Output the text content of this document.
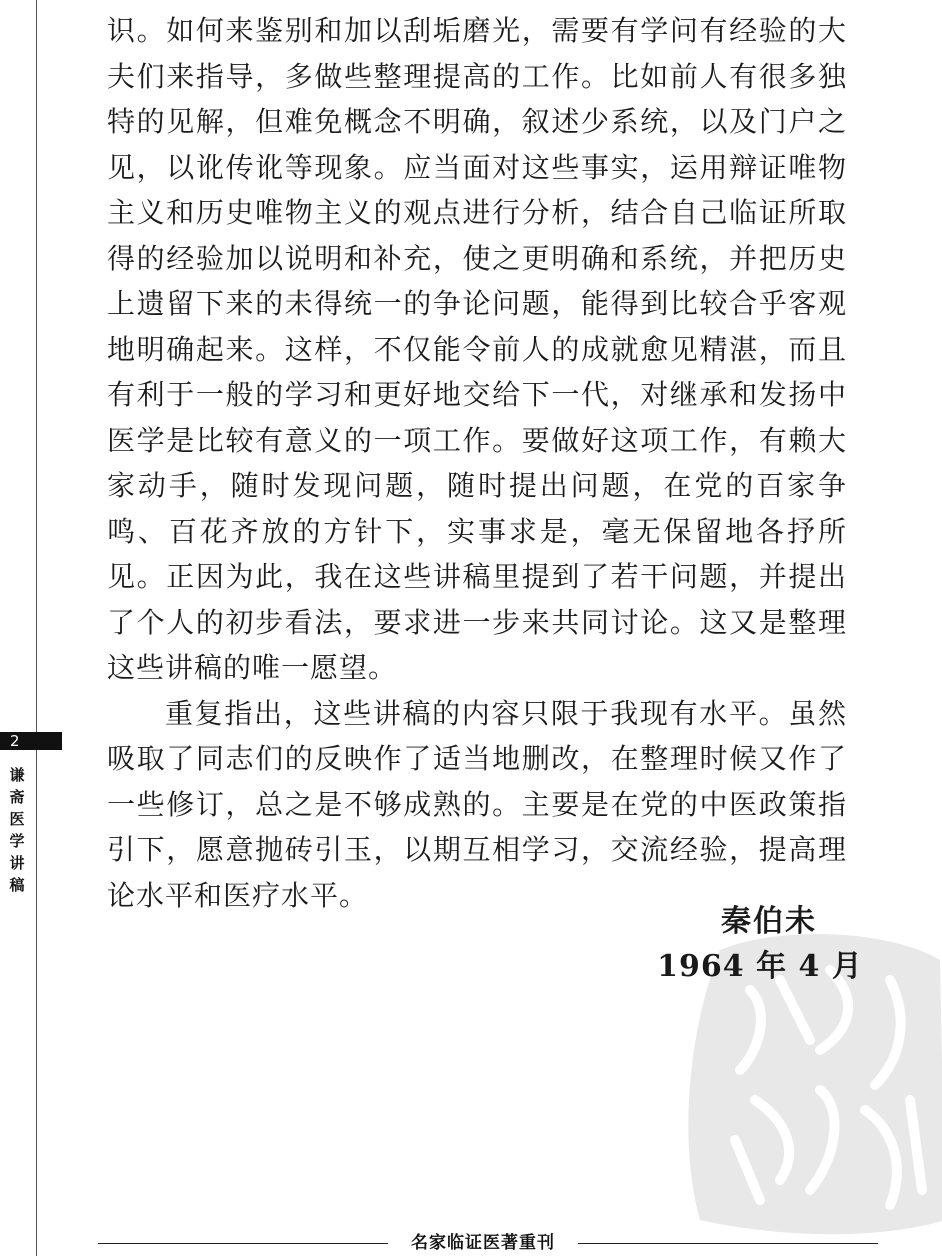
2
谦斋医学讲稿

识。如何来鉴别和加以刮垢磨光，需要有学问有经验的大夫们来指导，多做些整理提高的工作。比如前人有很多独特的见解，但难免概念不明确，叙述少系统，以及门户之见，以讹传讹等现象。应当面对这些事实，运用辩证唯物主义和历史唯物主义的观点进行分析，结合自己临证所取得的经验加以说明和补充，使之更明确和系统，并把历史上遗留下来的未得统一的争论问题，能得到比较合乎客观地明确起来。这样，不仅能令前人的成就愈见精湛，而且有利于一般的学习和更好地交给下一代，对继承和发扬中医学是比较有意义的一项工作。要做好这项工作，有赖大家动手，随时发现问题，随时提出问题，在党的百家争鸣、百花齐放的方针下，实事求是，毫无保留地各抒所见。正因为此，我在这些讲稿里提到了若干问题，并提出了个人的初步看法，要求进一步来共同讨论。这又是整理这些讲稿的唯一愿望。

重复指出，这些讲稿的内容只限于我现有水平。虽然吸取了同志们的反映作了适当地删改，在整理时候又作了一些修订，总之是不够成熟的。主要是在党的中医政策指引下，愿意抛砖引玉，以期互相学习，交流经验，提高理论水平和医疗水平。

秦伯未
1964 年 4 月
名家临证医著重刊
